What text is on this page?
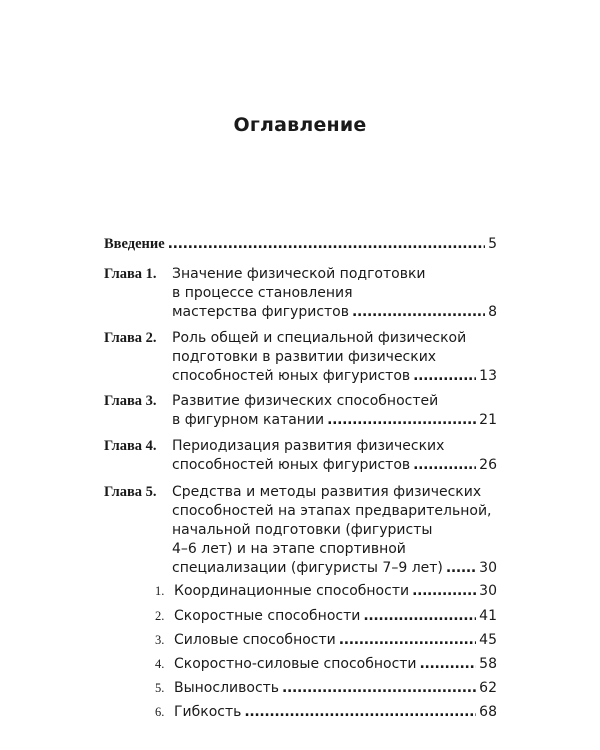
Оглавление
Введение . . .	5
Глава 1. Значение физической подготовки
в процессе становления
мастерства фигуристов . . .	8
Глава 2. Роль общей и специальной физической
подготовки в развитии физических
способностей юных фигуристов . . .	13
Глава 3. Развитие физических способностей
в фигурном катании . . .	21
Глава 4. Периодизация развития физических
способностей юных фигуристов . . .	26
Глава 5. Средства и методы развития физических
способностей на этапах предварительной,
начальной подготовки (фигуристы
4–6 лет) и на этапе спортивной
специализации (фигуристы 7–9 лет) . . .	30
1. Координационные способности . . .	30
2. Скоростные способности . . .	41
3. Силовые способности . . .	45
4. Скоростно-силовые способности . . .	58
5. Выносливость . . .	62
6. Гибкость . . .	68
